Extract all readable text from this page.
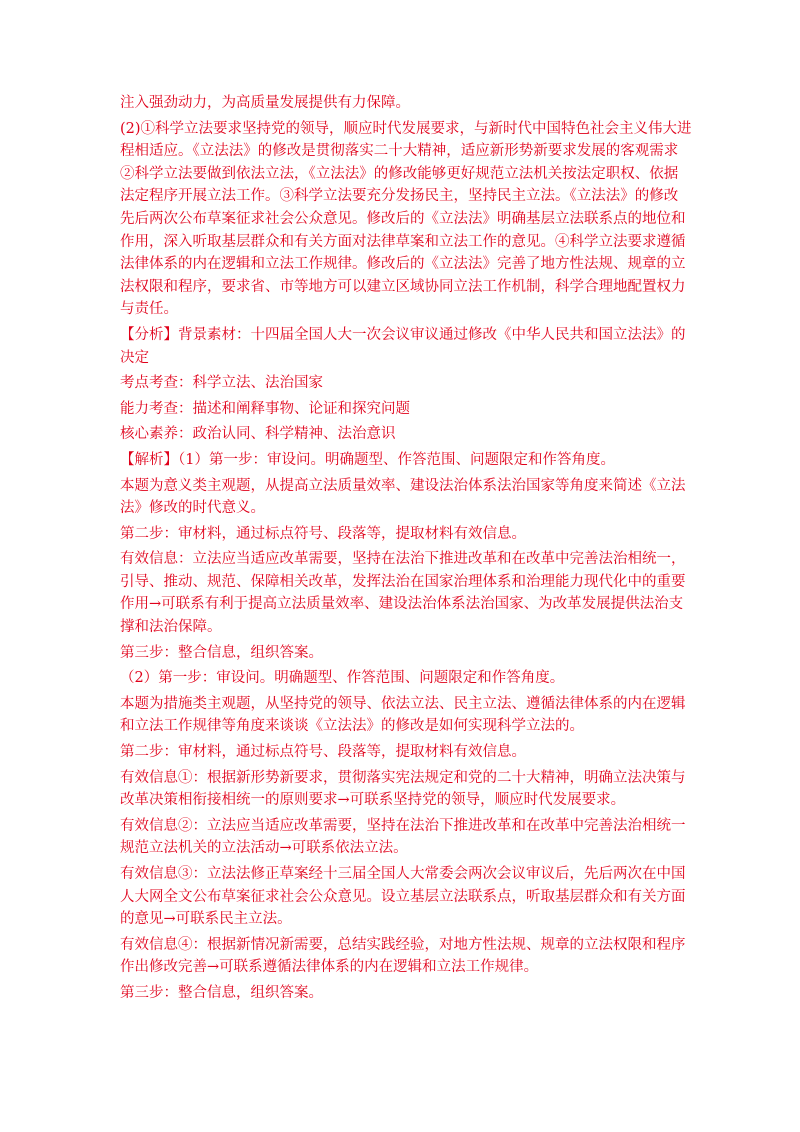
注入强劲动力，为高质量发展提供有力保障。
(2)①科学立法要求坚持党的领导，顺应时代发展要求，与新时代中国特色社会主义伟大进
程相适应。《立法法》的修改是贯彻落实二十大精神，适应新形势新要求发展的客观需求
②科学立法要做到依法立法，《立法法》的修改能够更好规范立法机关按法定职权、依据
法定程序开展立法工作。③科学立法要充分发扬民主，坚持民主立法。《立法法》的修改
先后两次公布草案征求社会公众意见。修改后的《立法法》明确基层立法联系点的地位和
作用，深入听取基层群众和有关方面对法律草案和立法工作的意见。④科学立法要求遵循
法律体系的内在逻辑和立法工作规律。修改后的《立法法》完善了地方性法规、规章的立
法权限和程序，要求省、市等地方可以建立区域协同立法工作机制，科学合理地配置权力
与责任。
【分析】背景素材：十四届全国人大一次会议审议通过修改《中华人民共和国立法法》的
决定
考点考查：科学立法、法治国家
能力考查：描述和阐释事物、论证和探究问题
核心素养：政治认同、科学精神、法治意识
【解析】（1）第一步：审设问。明确题型、作答范围、问题限定和作答角度。
本题为意义类主观题，从提高立法质量效率、建设法治体系法治国家等角度来简述《立法
法》修改的时代意义。
第二步：审材料，通过标点符号、段落等，提取材料有效信息。
有效信息：立法应当适应改革需要，坚持在法治下推进改革和在改革中完善法治相统一，
引导、推动、规范、保障相关改革，发挥法治在国家治理体系和治理能力现代化中的重要
作用→可联系有利于提高立法质量效率、建设法治体系法治国家、为改革发展提供法治支
撑和法治保障。
第三步：整合信息，组织答案。
（2）第一步：审设问。明确题型、作答范围、问题限定和作答角度。
本题为措施类主观题，从坚持党的领导、依法立法、民主立法、遵循法律体系的内在逻辑
和立法工作规律等角度来谈谈《立法法》的修改是如何实现科学立法的。
第二步：审材料，通过标点符号、段落等，提取材料有效信息。
有效信息①：根据新形势新要求，贯彻落实宪法规定和党的二十大精神，明确立法决策与
改革决策相衔接相统一的原则要求→可联系坚持党的领导，顺应时代发展要求。
有效信息②：立法应当适应改革需要，坚持在法治下推进改革和在改革中完善法治相统一
规范立法机关的立法活动→可联系依法立法。
有效信息③：立法法修正草案经十三届全国人大常委会两次会议审议后，先后两次在中国
人大网全文公布草案征求社会公众意见。设立基层立法联系点，听取基层群众和有关方面
的意见→可联系民主立法。
有效信息④：根据新情况新需要，总结实践经验，对地方性法规、规章的立法权限和程序
作出修改完善→可联系遵循法律体系的内在逻辑和立法工作规律。
第三步：整合信息，组织答案。
